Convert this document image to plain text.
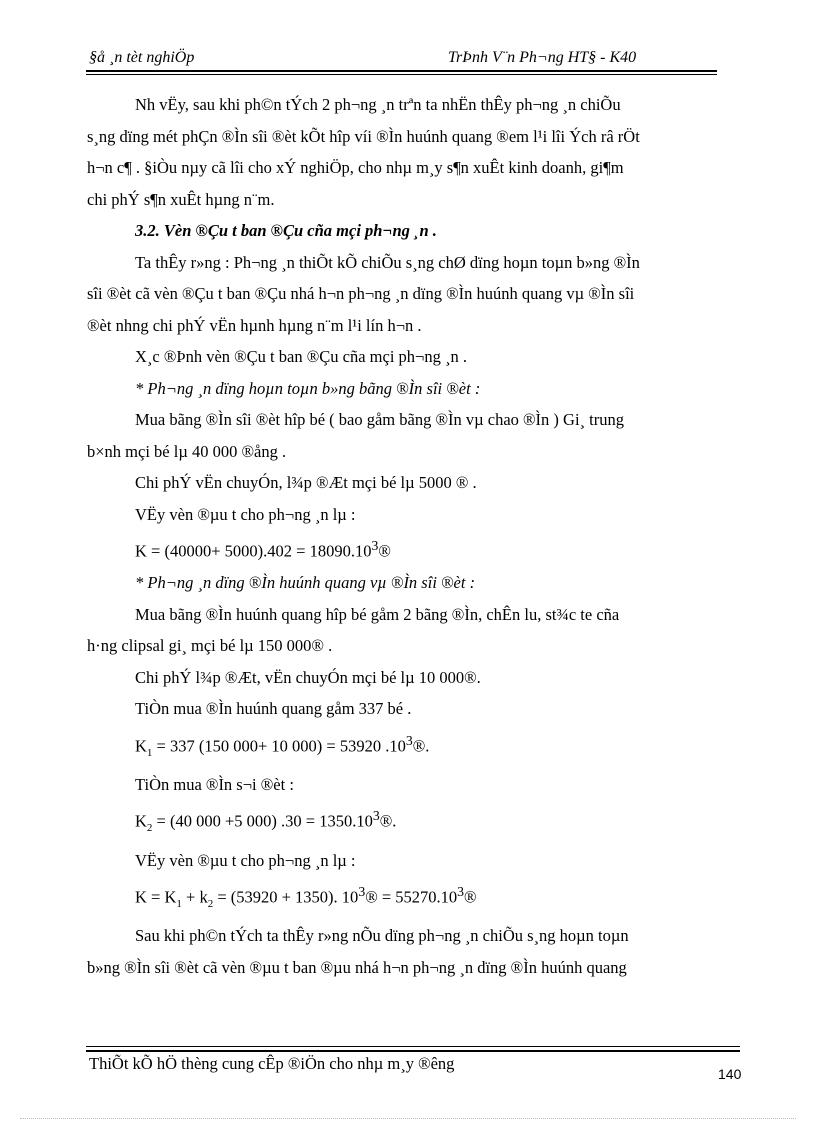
§å ¸n tèt nghiÖp	TrÞnh V¨n Ph¬ng HT§ - K40

Nh vËy, sau khi ph©n tÝch 2 ph¬ng ¸n trªn ta nhËn thÊy ph¬ng ¸n chiÕu

s¸ng dïng mét phÇn ®Ìn sîi ®èt kÕt hîp víi ®Ìn huúnh quang ®em l¹i lîi Ých râ rÖt

h¬n c¶ . §iÒu nµy cã lîi cho xÝ nghiÖp, cho nhµ m¸y s¶n xuÊt kinh doanh, gi¶m

chi phÝ s¶n xuÊt hµng n¨m.

3.2. Vèn ®Çu t ban ®Çu cña mçi ph¬ng ¸n .

Ta thÊy r»ng : Ph¬ng ¸n thiÕt kÕ chiÕu s¸ng chØ dïng hoµn toµn b»ng ®Ìn

sîi ®èt cã vèn ®Çu t ban ®Çu nhá h¬n ph¬ng ¸n dïng ®Ìn huúnh quang vµ ®Ìn sîi

®èt nhng chi phÝ vËn hµnh hµng n¨m l¹i lín h¬n .

X¸c ®Þnh vèn ®Çu t ban ®Çu cña mçi ph¬ng ¸n .

* Ph¬ng ¸n dïng hoµn toµn b»ng bãng ®Ìn sîi ®èt :

Mua bãng ®Ìn sîi ®èt hîp bé ( bao gåm bãng ®Ìn vµ chao ®Ìn ) Gi¸ trung

b×nh mçi bé lµ 40 000 ®ång .

Chi phÝ vËn chuyÓn, l¾p ®Æt mçi bé lµ 5000 ® .

VËy vèn ®µu t cho ph¬ng ¸n lµ :

$K = (40000+ 5000).402 = 18090.10^3®$

* Ph¬ng ¸n dïng ®Ìn huúnh quang vµ ®Ìn sîi ®èt :

Mua bãng ®Ìn huúnh quang hîp bé gåm 2 bãng ®Ìn, chÊn lu, st¾c te cña

h·ng clipsal gi¸ mçi bé lµ 150 000® .

Chi phÝ l¾p ®Æt, vËn chuyÓn mçi bé lµ 10 000®.

TiÒn mua ®Ìn huúnh quang gåm 337 bé .

$K_1 = 337$ (150 000+ 10 000) = 53920 $.10^3®$.

TiÒn mua ®Ìn s¬i ®èt :

$K_2 = (40$ 000 +5 000) $.30 = 1350.10^3®$.

VËy vèn ®µu t cho ph¬ng ¸n lµ :

$K = K_1 + k_2 = (53920 + 1350)$. $10^3®$ = $55270.10^3®$

Sau khi ph©n tÝch ta thÊy r»ng nÕu dïng ph¬ng ¸n chiÕu s¸ng hoµn toµn

b»ng ®Ìn sîi ®èt cã vèn ®µu t ban ®µu nhá h¬n ph¬ng ¸n dïng ®Ìn huúnh quang

ThiÕt kÕ hÖ thèng cung cÊp ®iÖn cho nhµ m¸y ®êng
140
